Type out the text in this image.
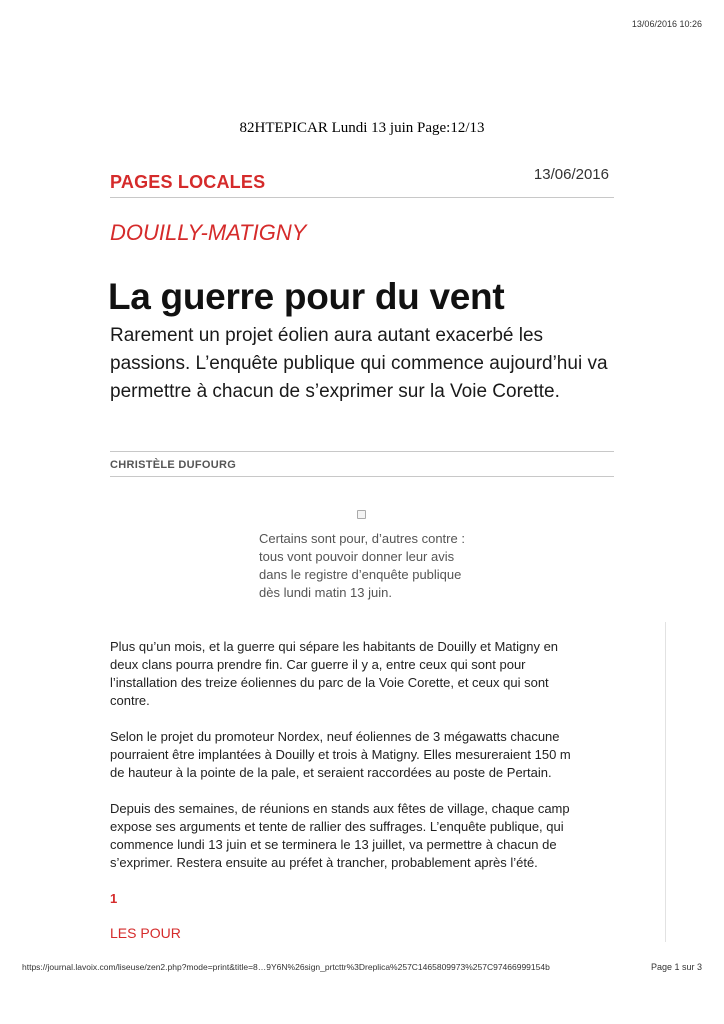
13/06/2016 10:26
82HTEPICAR Lundi 13 juin Page:12/13
PAGES LOCALES	13/06/2016
DOUILLY-MATIGNY
La guerre pour du vent
Rarement un projet éolien aura autant exacerbé les passions. L’enquête publique qui commence aujourd’hui va permettre à chacun de s’exprimer sur la Voie Corette.
CHRISTÈLE DUFOURG
Certains sont pour, d’autres contre : tous vont pouvoir donner leur avis dans le registre d’enquête publique dès lundi matin 13 juin.

Plus qu’un mois, et la guerre qui sépare les habitants de Douilly et Matigny en deux clans pourra prendre fin. Car guerre il y a, entre ceux qui sont pour l’installation des treize éoliennes du parc de la Voie Corette, et ceux qui sont contre.

Selon le projet du promoteur Nordex, neuf éoliennes de 3 mégawatts chacune pourraient être implantées à Douilly et trois à Matigny. Elles mesureraient 150 m de hauteur à la pointe de la pale, et seraient raccordées au poste de Pertain.

Depuis des semaines, de réunions en stands aux fêtes de village, chaque camp expose ses arguments et tente de rallier des suffrages. L’enquête publique, qui commence lundi 13 juin et se terminera le 13 juillet, va permettre à chacun de s’exprimer. Restera ensuite au préfet à trancher, probablement après l’été.

1
LES POUR
https://journal.lavoix.com/liseuse/zen2.php?mode=print&title=8…9Y6N%26sign_prtcttr%3Dreplica%257C1465809973%257C97466999154b	Page 1 sur 3
